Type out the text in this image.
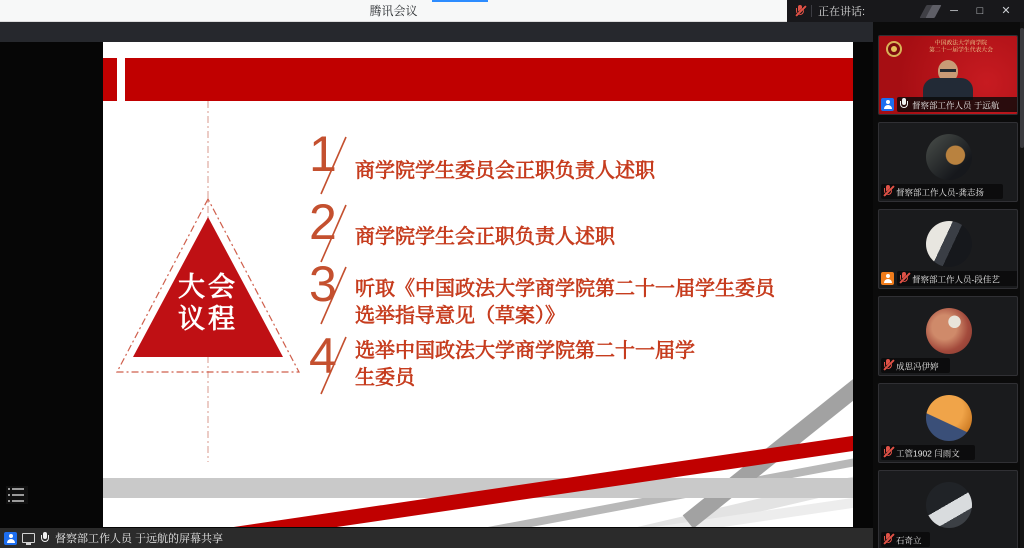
腾讯会议	正在讲话:	─	□	✕
大会
议程
1
2
3
4
商学院学生委员会正职负责人述职
商学院学生会正职负责人述职
听取《中国政法大学商学院第二十一届学生委员
选举指导意见（草案）》
选举中国政法大学商学院第二十一届学
生委员
督察部工作人员 于远航的屏幕共享
中国政法大学商学院
第二十一届学生代表大会
督察部工作人员 于远航
督察部工作人员-龚志扬
督察部工作人员-段佳艺
成思冯伊婷
工管1902 闫雨文
石奇立
